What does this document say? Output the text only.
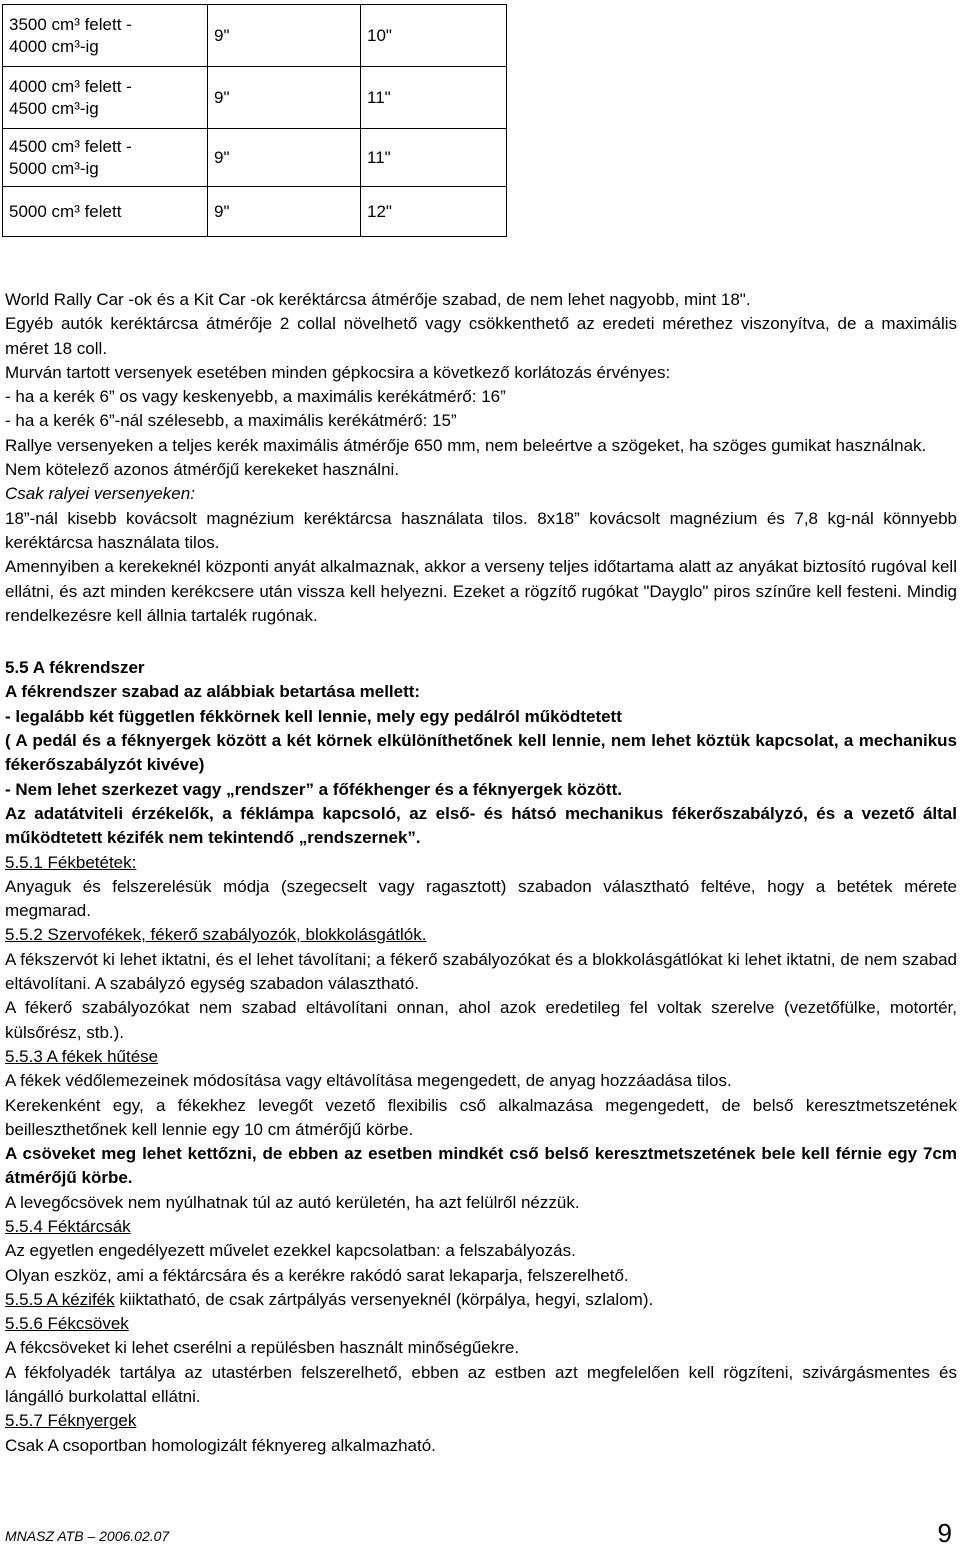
3500 cm³ felett -
4000 cm³-ig	9"	10"

4000 cm³ felett -
4500 cm³-ig	9"	11"

4500 cm³ felett -
5000 cm³-ig	9"	11"
5000 cm³ felett	9"	12"

World Rally Car -ok és a Kit Car -ok keréktárcsa átmérője szabad, de nem lehet nagyobb, mint 18".

Egyéb autók keréktárcsa átmérője 2 collal növelhető vagy csökkenthető az eredeti mérethez viszonyítva, de a maximális méret 18 coll.

Murván tartott versenyek esetében minden gépkocsira a következő korlátozás érvényes:

- ha a kerék 6” os vagy keskenyebb, a maximális kerékátmérő: 16”

- ha a kerék 6”-nál szélesebb, a maximális kerékátmérő: 15”

Rallye versenyeken a teljes kerék maximális átmérője 650 mm, nem beleértve a szögeket, ha szöges gumikat használnak.

Nem kötelező azonos átmérőjű kerekeket használni.

Csak ralyei versenyeken:

18”-nál kisebb kovácsolt magnézium keréktárcsa használata tilos. 8x18” kovácsolt magnézium és 7,8 kg-nál könnyebb keréktárcsa használata tilos.

Amennyiben a kerekeknél központi anyát alkalmaznak, akkor a verseny teljes időtartama alatt az anyákat biztosító rugóval kell ellátni, és azt minden kerékcsere után vissza kell helyezni. Ezeket a rögzítő rugókat "Dayglo" piros színűre kell festeni. Mindig rendelkezésre kell állnia tartalék rugónak.

5.5 A fékrendszer

A fékrendszer szabad az alábbiak betartása mellett:

- legalább két független fékkörnek kell lennie, mely egy pedálról működtetett

( A pedál és a féknyergek között a két körnek elkülöníthetőnek kell lennie, nem lehet köztük kapcsolat, a mechanikus fékerőszabályzót kivéve)

- Nem lehet szerkezet vagy „rendszer” a főfékhenger és a féknyergek között.

Az adatátviteli érzékelők, a féklámpa kapcsoló, az első- és hátsó mechanikus fékerőszabályzó, és a vezető által működtetett kézifék nem tekintendő „rendszernek”.

5.5.1 Fékbetétek:

Anyaguk és felszerelésük módja (szegecselt vagy ragasztott) szabadon választható feltéve, hogy a betétek mérete megmarad.

5.5.2 Szervofékek, fékerő szabályozók, blokkolásgátlók.

A fékszervót ki lehet iktatni, és el lehet távolítani; a fékerő szabályozókat és a blokkolásgátlókat ki lehet iktatni, de nem szabad eltávolítani. A szabályzó egység szabadon választható.

A fékerő szabályozókat nem szabad eltávolítani onnan, ahol azok eredetileg fel voltak szerelve (vezetőfülke, motortér, külsőrész, stb.).

5.5.3 A fékek hűtése

A fékek védőlemezeinek módosítása vagy eltávolítása megengedett, de anyag hozzáadása tilos.

Kerekenként egy, a fékekhez levegőt vezető flexibilis cső alkalmazása megengedett, de belső keresztmetszetének beilleszthetőnek kell lennie egy 10 cm átmérőjű körbe.

A csöveket meg lehet kettőzni, de ebben az esetben mindkét cső belső keresztmetszetének bele kell férnie egy 7cm átmérőjű körbe.

A levegőcsövek nem nyúlhatnak túl az autó kerületén, ha azt felülről nézzük.

5.5.4 Féktárcsák

Az egyetlen engedélyezett művelet ezekkel kapcsolatban: a felszabályozás.

Olyan eszköz, ami a féktárcsára és a kerékre rakódó sarat lekaparja, felszerelhető.

5.5.5 A kézifék kiiktatható, de csak zártpályás versenyeknél (körpálya, hegyi, szlalom).

5.5.6 Fékcsövek

A fékcsöveket ki lehet cserélni a repülésben használt minőségűekre.

A fékfolyadék tartálya az utastérben felszerelhető, ebben az estben azt megfelelően kell rögzíteni, szivárgásmentes és lángálló burkolattal ellátni.

5.5.7 Féknyergek

Csak A csoportban homologizált féknyereg alkalmazható.

MNASZ ATB – 2006.02.07	9
